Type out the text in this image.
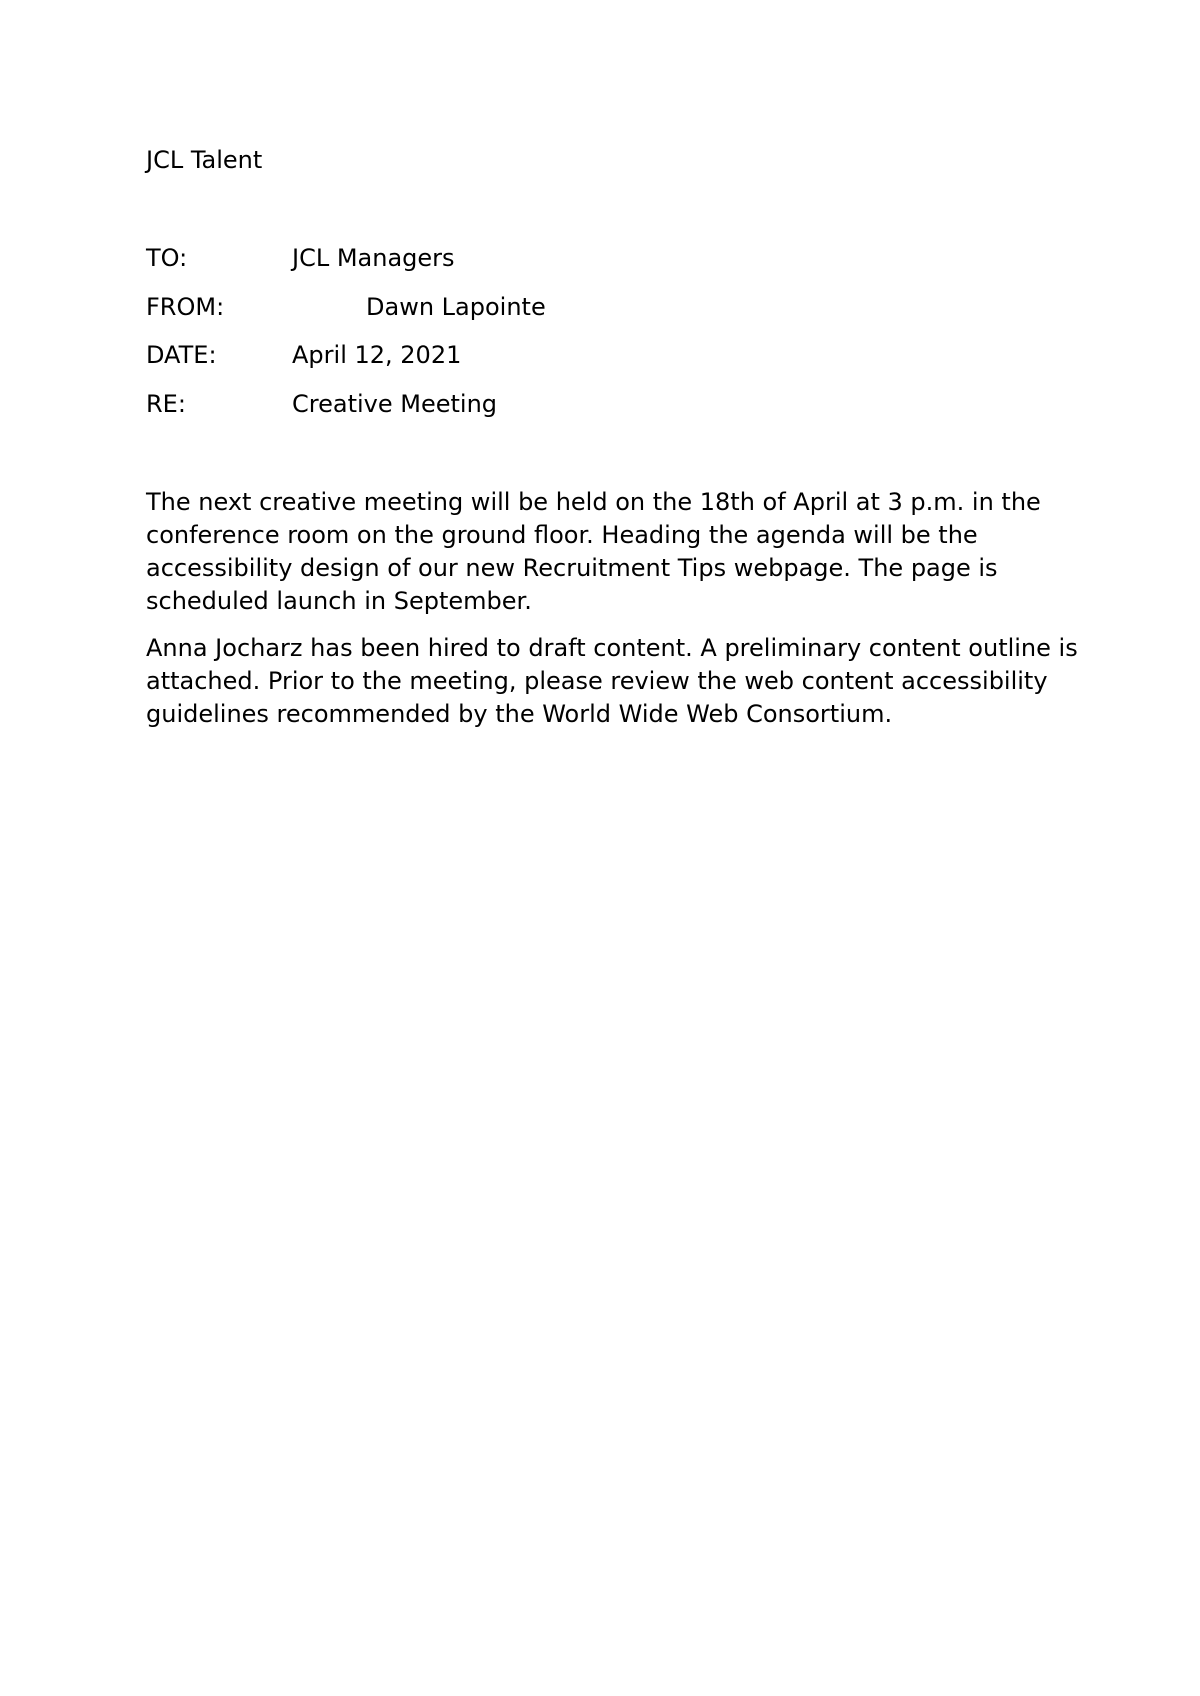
JCL Talent
TO:	JCL Managers
FROM:	Dawn Lapointe
DATE:	April 12, 2021
RE:	Creative Meeting

The next creative meeting will be held on the 18th of April at 3 p.m. in the conference room on the ground floor. Heading the agenda will be the accessibility design of our new Recruitment Tips webpage. The page is scheduled launch in September.

Anna Jocharz has been hired to draft content. A preliminary content outline is attached. Prior to the meeting, please review the web content accessibility guidelines recommended by the World Wide Web Consortium.
